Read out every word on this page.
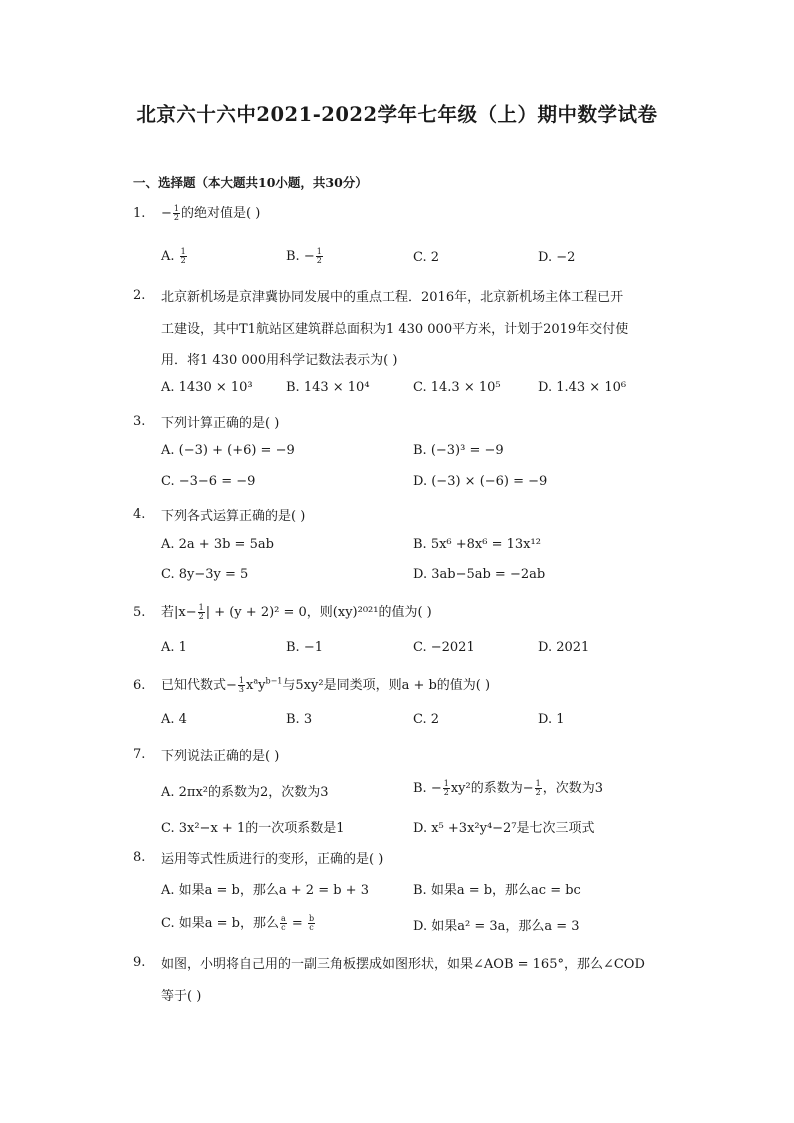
北京六十六中2021-2022学年七年级（上）期中数学试卷
一、选择题（本大题共10小题，共30分）
1. − $\frac{1}{2}$ 的绝对值是( )
A. $\frac{1}{2}$	B. − $\frac{1}{2}$	C. 2	D. −2
2. 北京新机场是京津冀协同发展中的重点工程．2016年，北京新机场主体工程已开
工建设，其中T1航站区建筑群总面积为1 430 000平方米，计划于2019年交付使
用．将1 430 000用科学记数法表示为( )
A. 1430 × 10³	B. 143 × 10⁴	C. 14.3 × 10⁵	D. 1.43 × 10⁶
3. 下列计算正确的是( )
A. (−3) + (+6) = −9	B. (−3)³ = −9
C. −3−6 = −9	D. (−3) × (−6) = −9
4. 下列各式运算正确的是( )
A. 2a + 3b = 5ab	B. 5x⁶ +8x⁶ = 13x¹²
C. 8y−3y = 5	D. 3ab−5ab = −2ab
5. 若$|x- \frac{1}{2}$ | + (y + 2)² = 0，则(xy)²⁰²¹的值为( )
A. 1	B. −1	C. −2021	D. 2021
6. 已知代数式− $\frac{1}{3} x^ay^{b-1}$与5xy²是同类项，则a + b的值为( )
A. 4	B. 3	C. 2	D. 1
7. 下列说法正确的是( )
A. 2πx²的系数为2，次数为3	B. − $\frac{1}{2} xy^2$的系数为− $\frac{1}{2}$ ，次数为3
C. 3x²−x + 1的一次项系数是1	D. x⁵ +3x²y⁴−2⁷是七次三项式
8. 运用等式性质进行的变形，正确的是( )
A. 如果a = b，那么a + 2 = b + 3	B. 如果a = b，那么ac = bc
C. 如果a = b，那么 $\frac{a}{c} = \frac{b}{c}$	D. 如果a² = 3a，那么a = 3
9. 如图，小明将自己用的一副三角板摆成如图形状，如果∠AOB = 165°，那么∠COD
等于( )
